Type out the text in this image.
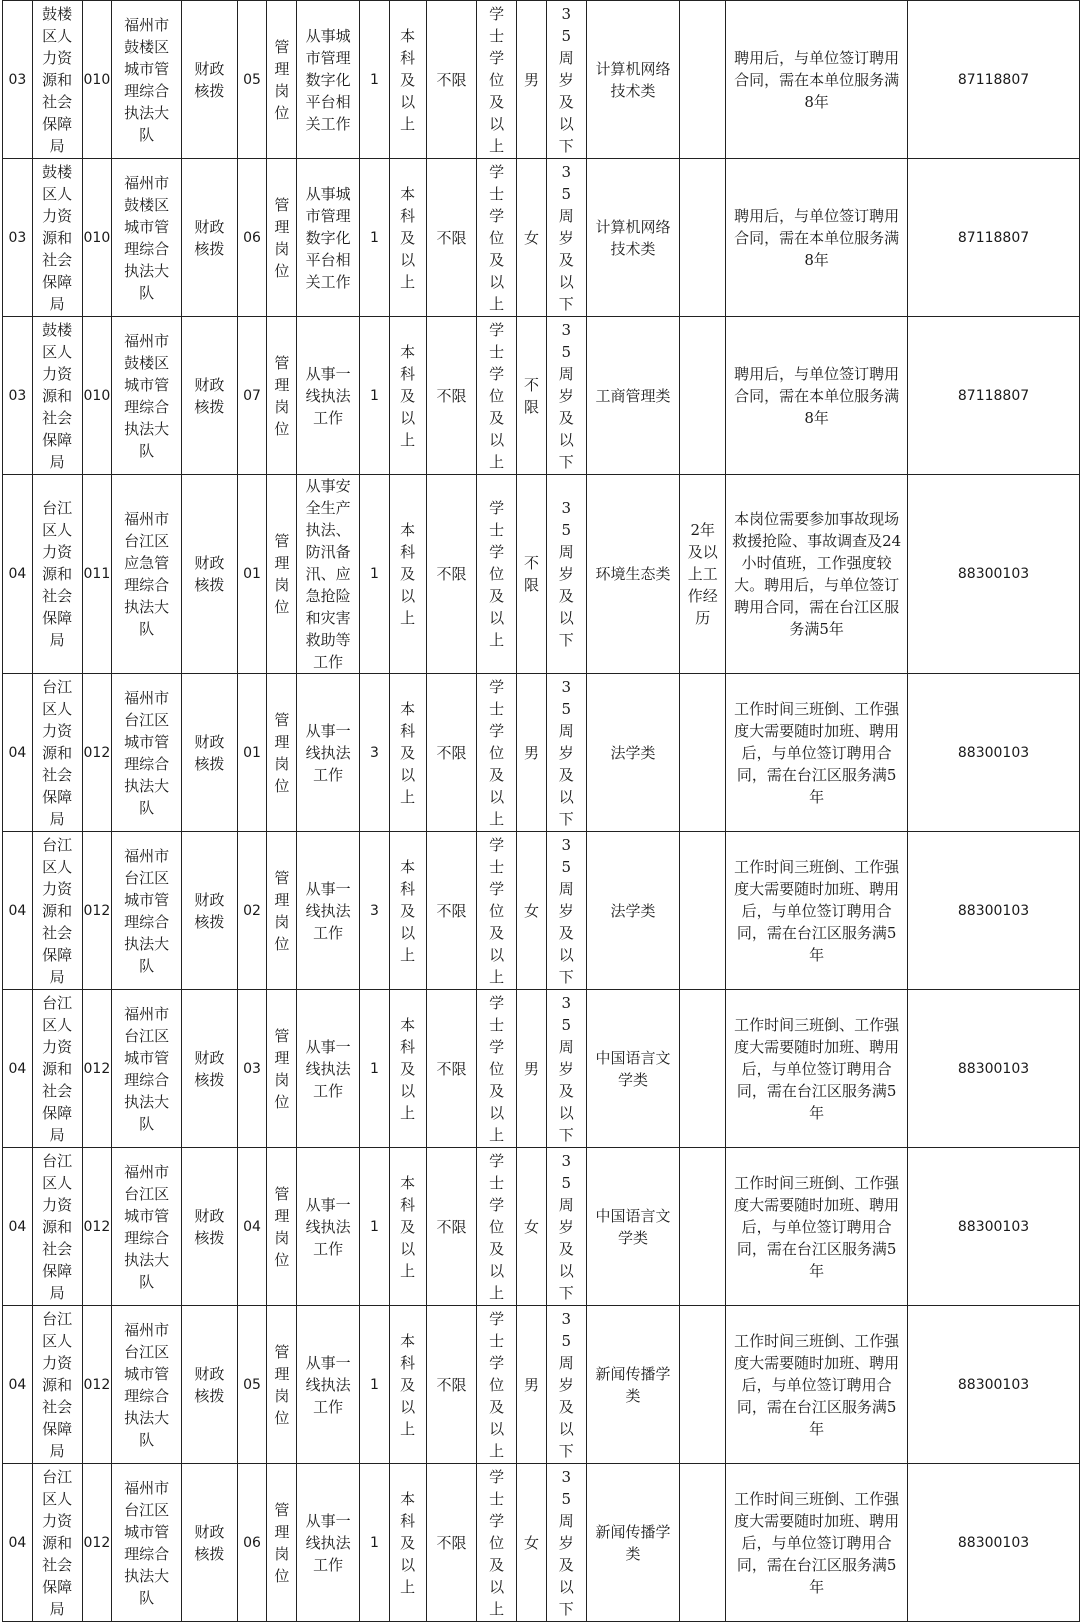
03	鼓楼区人力资源和社会保障局	010	福州市鼓楼区城市管理综合执法大队	财政核拨	05	管理岗位	从事城市管理数字化平台相关工作	1	本科及以上	不限	学士学位及以上	男	35周岁及以下	计算机网络技术类		聘用后，与单位签订聘用合同，需在本单位服务满8年	87118807

03	鼓楼区人力资源和社会保障局	010	福州市鼓楼区城市管理综合执法大队	财政核拨	06	管理岗位	从事城市管理数字化平台相关工作	1	本科及以上	不限	学士学位及以上	女	35周岁及以下	计算机网络技术类		聘用后，与单位签订聘用合同，需在本单位服务满8年	87118807

03	鼓楼区人力资源和社会保障局	010	福州市鼓楼区城市管理综合执法大队	财政核拨	07	管理岗位	从事一线执法工作	1	本科及以上	不限	学士学位及以上	不限	35周岁及以下	工商管理类		聘用后，与单位签订聘用合同，需在本单位服务满8年	87118807

04	台江区人力资源和社会保障局	011	福州市台江区应急管理综合执法大队	财政核拨	01	管理岗位	从事安全生产执法、防汛备汛、应急抢险和灾害救助等工作	1	本科及以上	不限	学士学位及以上	不限	35周岁及以下	环境生态类	2年及以上工作经历	本岗位需要参加事故现场救援抢险、事故调查及24小时值班，工作强度较大。聘用后，与单位签订聘用合同，需在台江区服务满5年	88300103

04	台江区人力资源和社会保障局	012	福州市台江区城市管理综合执法大队	财政核拨	01	管理岗位	从事一线执法工作	3	本科及以上	不限	学士学位及以上	男	35周岁及以下	法学类		工作时间三班倒、工作强度大需要随时加班、聘用后，与单位签订聘用合同，需在台江区服务满5年	88300103

04	台江区人力资源和社会保障局	012	福州市台江区城市管理综合执法大队	财政核拨	02	管理岗位	从事一线执法工作	3	本科及以上	不限	学士学位及以上	女	35周岁及以下	法学类		工作时间三班倒、工作强度大需要随时加班、聘用后，与单位签订聘用合同，需在台江区服务满5年	88300103

04	台江区人力资源和社会保障局	012	福州市台江区城市管理综合执法大队	财政核拨	03	管理岗位	从事一线执法工作	1	本科及以上	不限	学士学位及以上	男	35周岁及以下	中国语言文学类		工作时间三班倒、工作强度大需要随时加班、聘用后，与单位签订聘用合同，需在台江区服务满5年	88300103

04	台江区人力资源和社会保障局	012	福州市台江区城市管理综合执法大队	财政核拨	04	管理岗位	从事一线执法工作	1	本科及以上	不限	学士学位及以上	女	35周岁及以下	中国语言文学类		工作时间三班倒、工作强度大需要随时加班、聘用后，与单位签订聘用合同，需在台江区服务满5年	88300103

04	台江区人力资源和社会保障局	012	福州市台江区城市管理综合执法大队	财政核拨	05	管理岗位	从事一线执法工作	1	本科及以上	不限	学士学位及以上	男	35周岁及以下	新闻传播学类		工作时间三班倒、工作强度大需要随时加班、聘用后，与单位签订聘用合同，需在台江区服务满5年	88300103

04	台江区人力资源和社会保障局	012	福州市台江区城市管理综合执法大队	财政核拨	06	管理岗位	从事一线执法工作	1	本科及以上	不限	学士学位及以上	女	35周岁及以下	新闻传播学类		工作时间三班倒、工作强度大需要随时加班、聘用后，与单位签订聘用合同，需在台江区服务满5年	88300103
